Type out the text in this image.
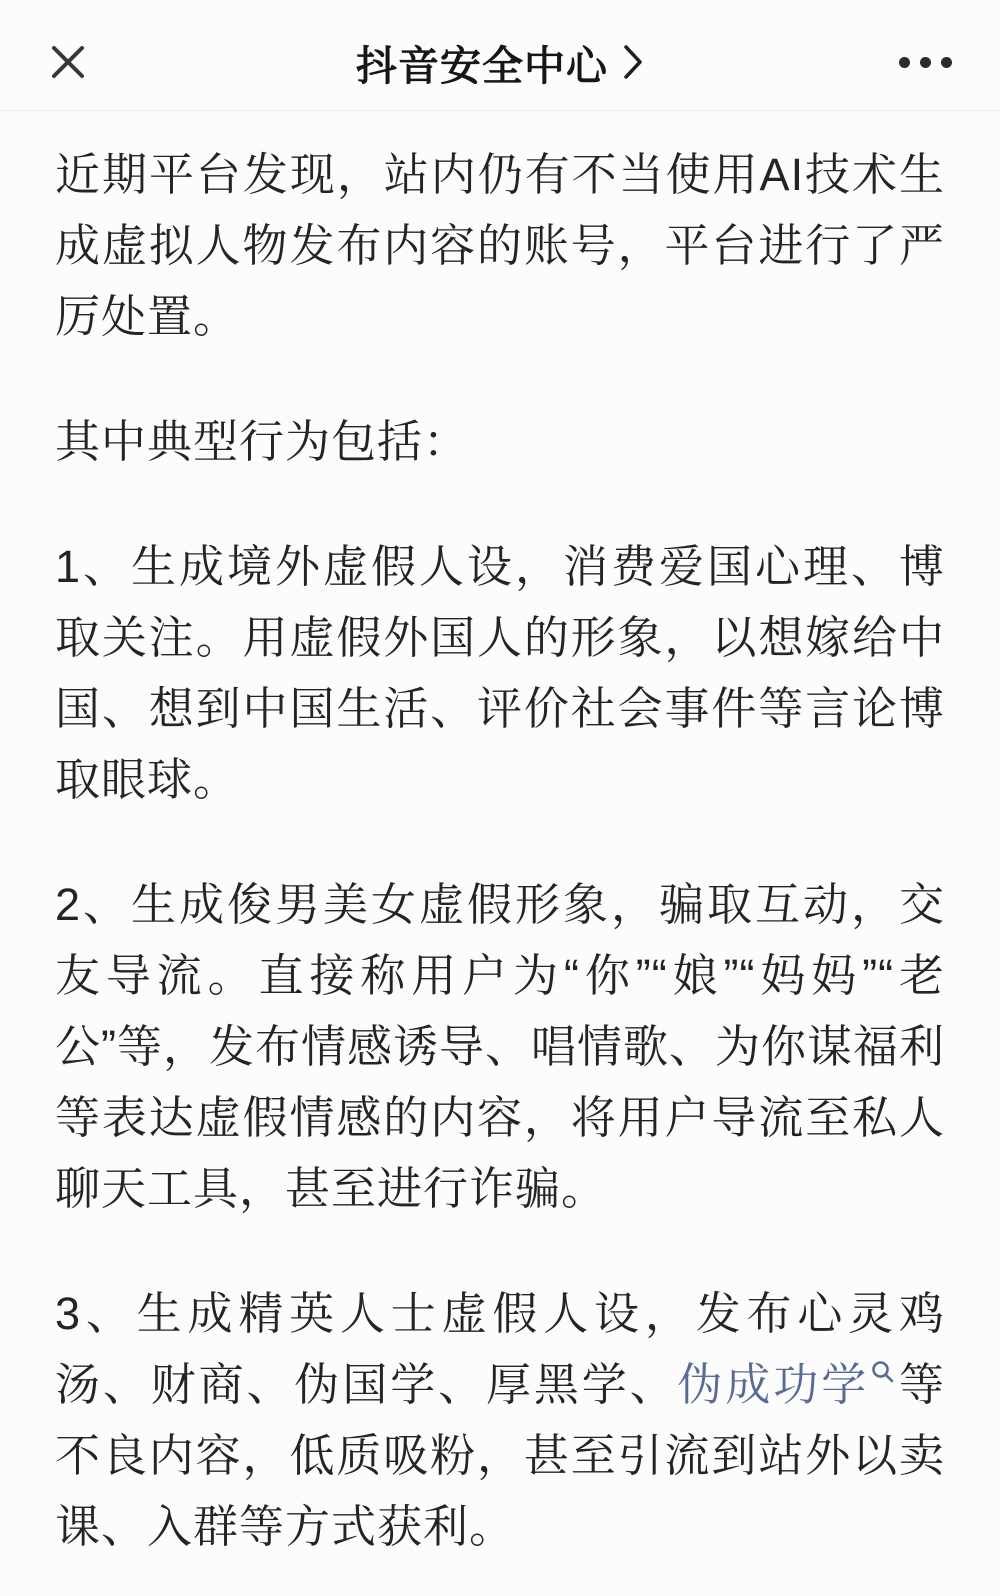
抖音安全中心

近期平台发现，站内仍有不当使用AI技术生成虚拟人物发布内容的账号，平台进行了严厉处置。

其中典型行为包括：

1、生成境外虚假人设，消费爱国心理、博取关注。用虚假外国人的形象，以想嫁给中国、想到中国生活、评价社会事件等言论博取眼球。

2、生成俊男美女虚假形象，骗取互动，交友导流。直接称用户为“你”“娘”“妈妈”“老公”等，发布情感诱导、唱情歌、为你谋福利等表达虚假情感的内容，将用户导流至私人聊天工具，甚至进行诈骗。

3、生成精英人士虚假人设，发布心灵鸡汤、财商、伪国学、厚黑学、伪成功学 等不良内容，低质吸粉，甚至引流到站外以卖课、入群等方式获利。
